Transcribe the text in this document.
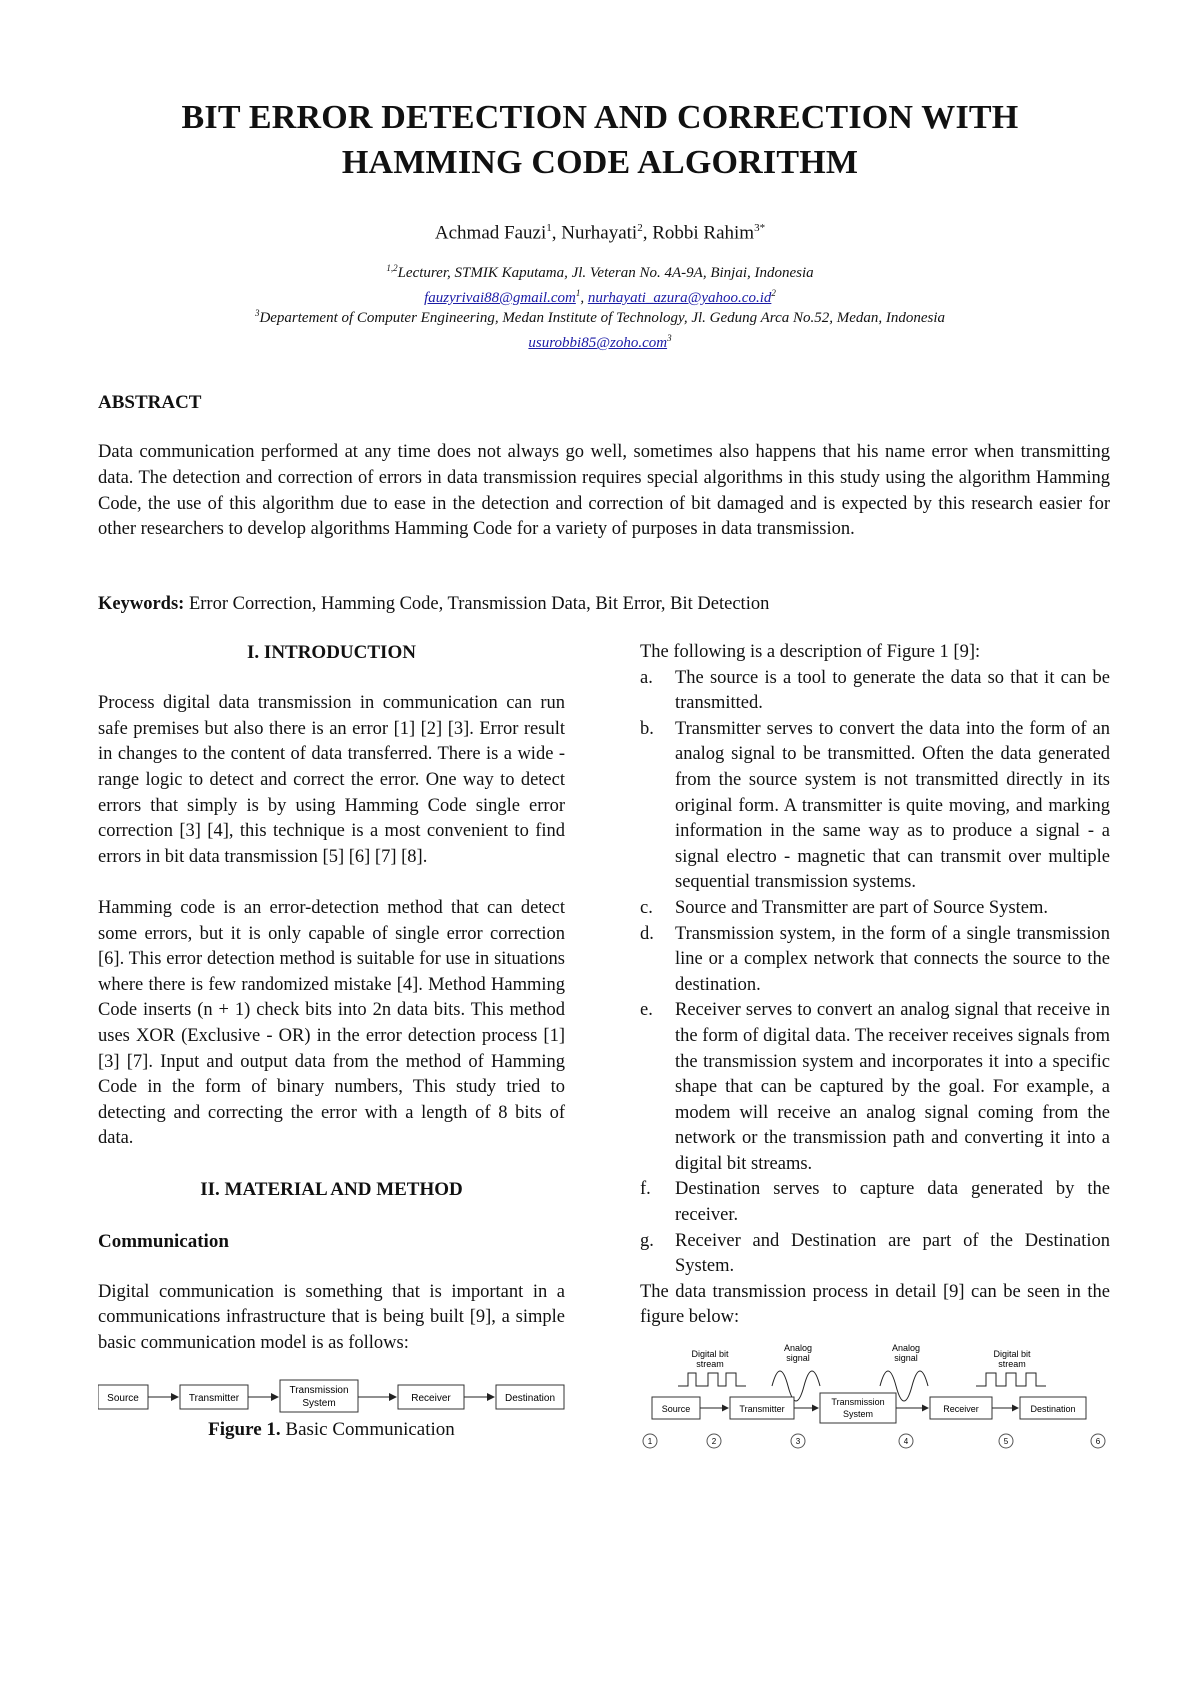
BIT ERROR DETECTION AND CORRECTION WITH
HAMMING CODE ALGORITHM
Achmad Fauzi$^1$, Nurhayati$^2$, Robbi Rahim$^{3*}$
$^{1,2}$Lecturer, STMIK Kaputama, Jl. Veteran No. 4A-9A, Binjai, Indonesia
fauzyrivai88@gmail.com$^1$, $nurhayati\_azura@yahoo.co.id^2$
$^3$Departement of Computer Engineering, Medan Institute of Technology, Jl. Gedung Arca No.52, Medan, Indonesia
usurobbi85@zoho.com$^3$
ABSTRACT

Data communication performed at any time does not always go well, sometimes also happens that his name error when transmitting data. The detection and correction of errors in data transmission requires special algorithms in this study using the algorithm Hamming Code, the use of this algorithm due to ease in the detection and correction of bit damaged and is expected by this research easier for other researchers to develop algorithms Hamming Code for a variety of purposes in data transmission.

Keywords: Error Correction, Hamming Code, Transmission Data, Bit Error, Bit Detection
I. INTRODUCTION

Process digital data transmission in communication can run safe premises but also there is an error [1] [2] [3]. Error result in changes to the content of data transferred. There is a wide - range logic to detect and correct the error. One way to detect errors that simply is by using Hamming Code single error correction [3] [4], this technique is a most convenient to find errors in bit data transmission [5] [6] [7] [8].

Hamming code is an error-detection method that can detect some errors, but it is only capable of single error correction [6]. This error detection method is suitable for use in situations where there is few randomized mistake [4]. Method Hamming Code inserts (n + 1) check bits into 2n data bits. This method uses XOR (Exclusive - OR) in the error detection process [1] [3] [7]. Input and output data from the method of Hamming Code in the form of binary numbers, This study tried to detecting and correcting the error with a length of 8 bits of data.

II. MATERIAL AND METHOD
Communication

Digital communication is something that is important in a communications infrastructure that is being built [9], a simple basic communication model is as follows:

Source	Transmitter
Transmission
System	Receiver	Destination
Figure 1. Basic Communication

The following is a description of Figure 1 [9]:

a.	The source is a tool to generate the data so that it can be transmitted.
b.	Transmitter serves to convert the data into the form of an analog signal to be transmitted. Often the data generated from the source system is not transmitted directly in its original form. A transmitter is quite moving, and marking information in the same way as to produce a signal - a signal electro - magnetic that can transmit over multiple sequential transmission systems.
c.	Source and Transmitter are part of Source System.
d.	Transmission system, in the form of a single transmission line or a complex network that connects the source to the destination.
e.	Receiver serves to convert an analog signal that receive in the form of digital data. The receiver receives signals from the transmission system and incorporates it into a specific shape that can be captured by the goal. For example, a modem will receive an analog signal coming from the network or the transmission path and converting it into a digital bit streams.
f.	Destination serves to capture data generated by the receiver.
g.	Receiver and Destination are part of the Destination System.

The data transmission process in detail [9] can be seen in the figure below:

Digital bit
stream
Analog
signal
Analog
signal	Digital bit
stream
Source	Transmitter
Transmission
System	Receiver	Destination
1	2	3	4	5	6
